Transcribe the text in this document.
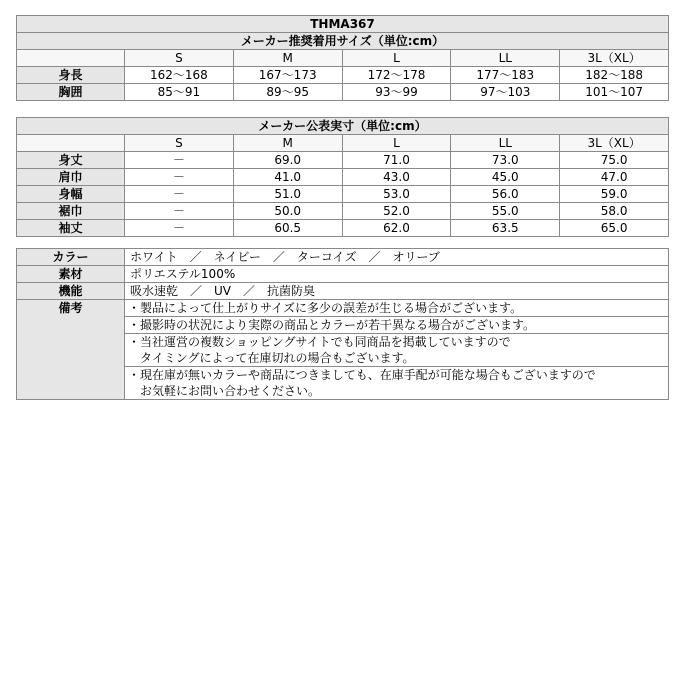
THMA367					
メーカー推奨着用サイズ（単位:cm）					
	S	M	L	LL	3L（XL）
身長	162～168	167～173	172～178	177～183	182～188
胸囲	85～91	89～95	93～99	97～103	101～107
メーカー公表実寸（単位:cm）					
	S	M	L	LL	3L（XL）
身丈	－	69.0	71.0	73.0	75.0
肩巾	－	41.0	43.0	45.0	47.0
身幅	－	51.0	53.0	56.0	59.0
裾巾	－	50.0	52.0	55.0	58.0
袖丈	－	60.5	62.0	63.5	65.0
カラー	ホワイト　／　ネイビー　／　ターコイズ　／　オリーブ
素材	ポリエステル100%
機能	吸水速乾　／　UV　／　抗菌防臭
備考	・製品によって仕上がりサイズに多少の誤差が生じる場合がございます。

	・撮影時の状況により実際の商品とカラーが若干異なる場合がございます。

	・当社運営の複数ショッピングサイトでも同商品を掲載していますので
　タイミングによって在庫切れの場合もございます。

	・現在庫が無いカラーや商品につきましても、在庫手配が可能な場合もございますので
　お気軽にお問い合わせください。
